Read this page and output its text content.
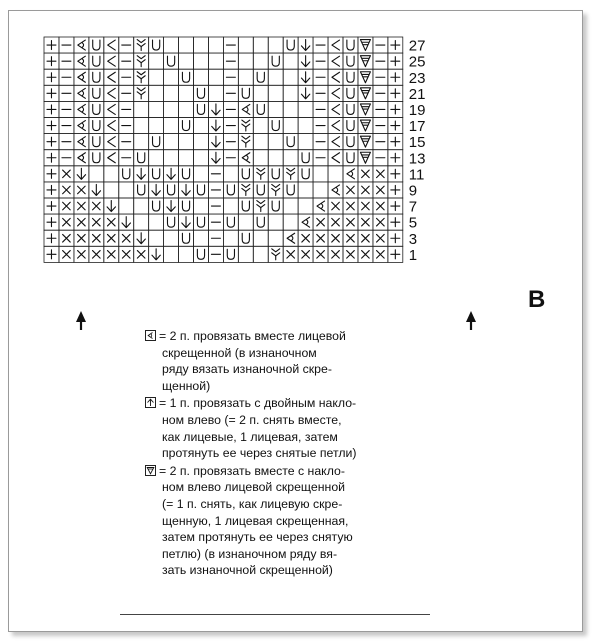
27
25
23
21
19
17
15
13
11
9
7
5
3
1
B
= 2 п. провязать вместе лицевой
скрещенной (в изнаночном
ряду вязать изнаночной скре-
щенной)
= 1 п. провязать с двойным накло-
ном влево (= 2 п. снять вместе,
как лицевые, 1 лицевая, затем
протянуть ее через снятые петли)
= 2 п. провязать вместе с накло-
ном влево лицевой скрещенной
(= 1 п. снять, как лицевую скре-
щенную, 1 лицевая скрещенная,
затем протянуть ее через снятую
петлю) (в изнаночном ряду вя-
зать изнаночной скрещенной)
